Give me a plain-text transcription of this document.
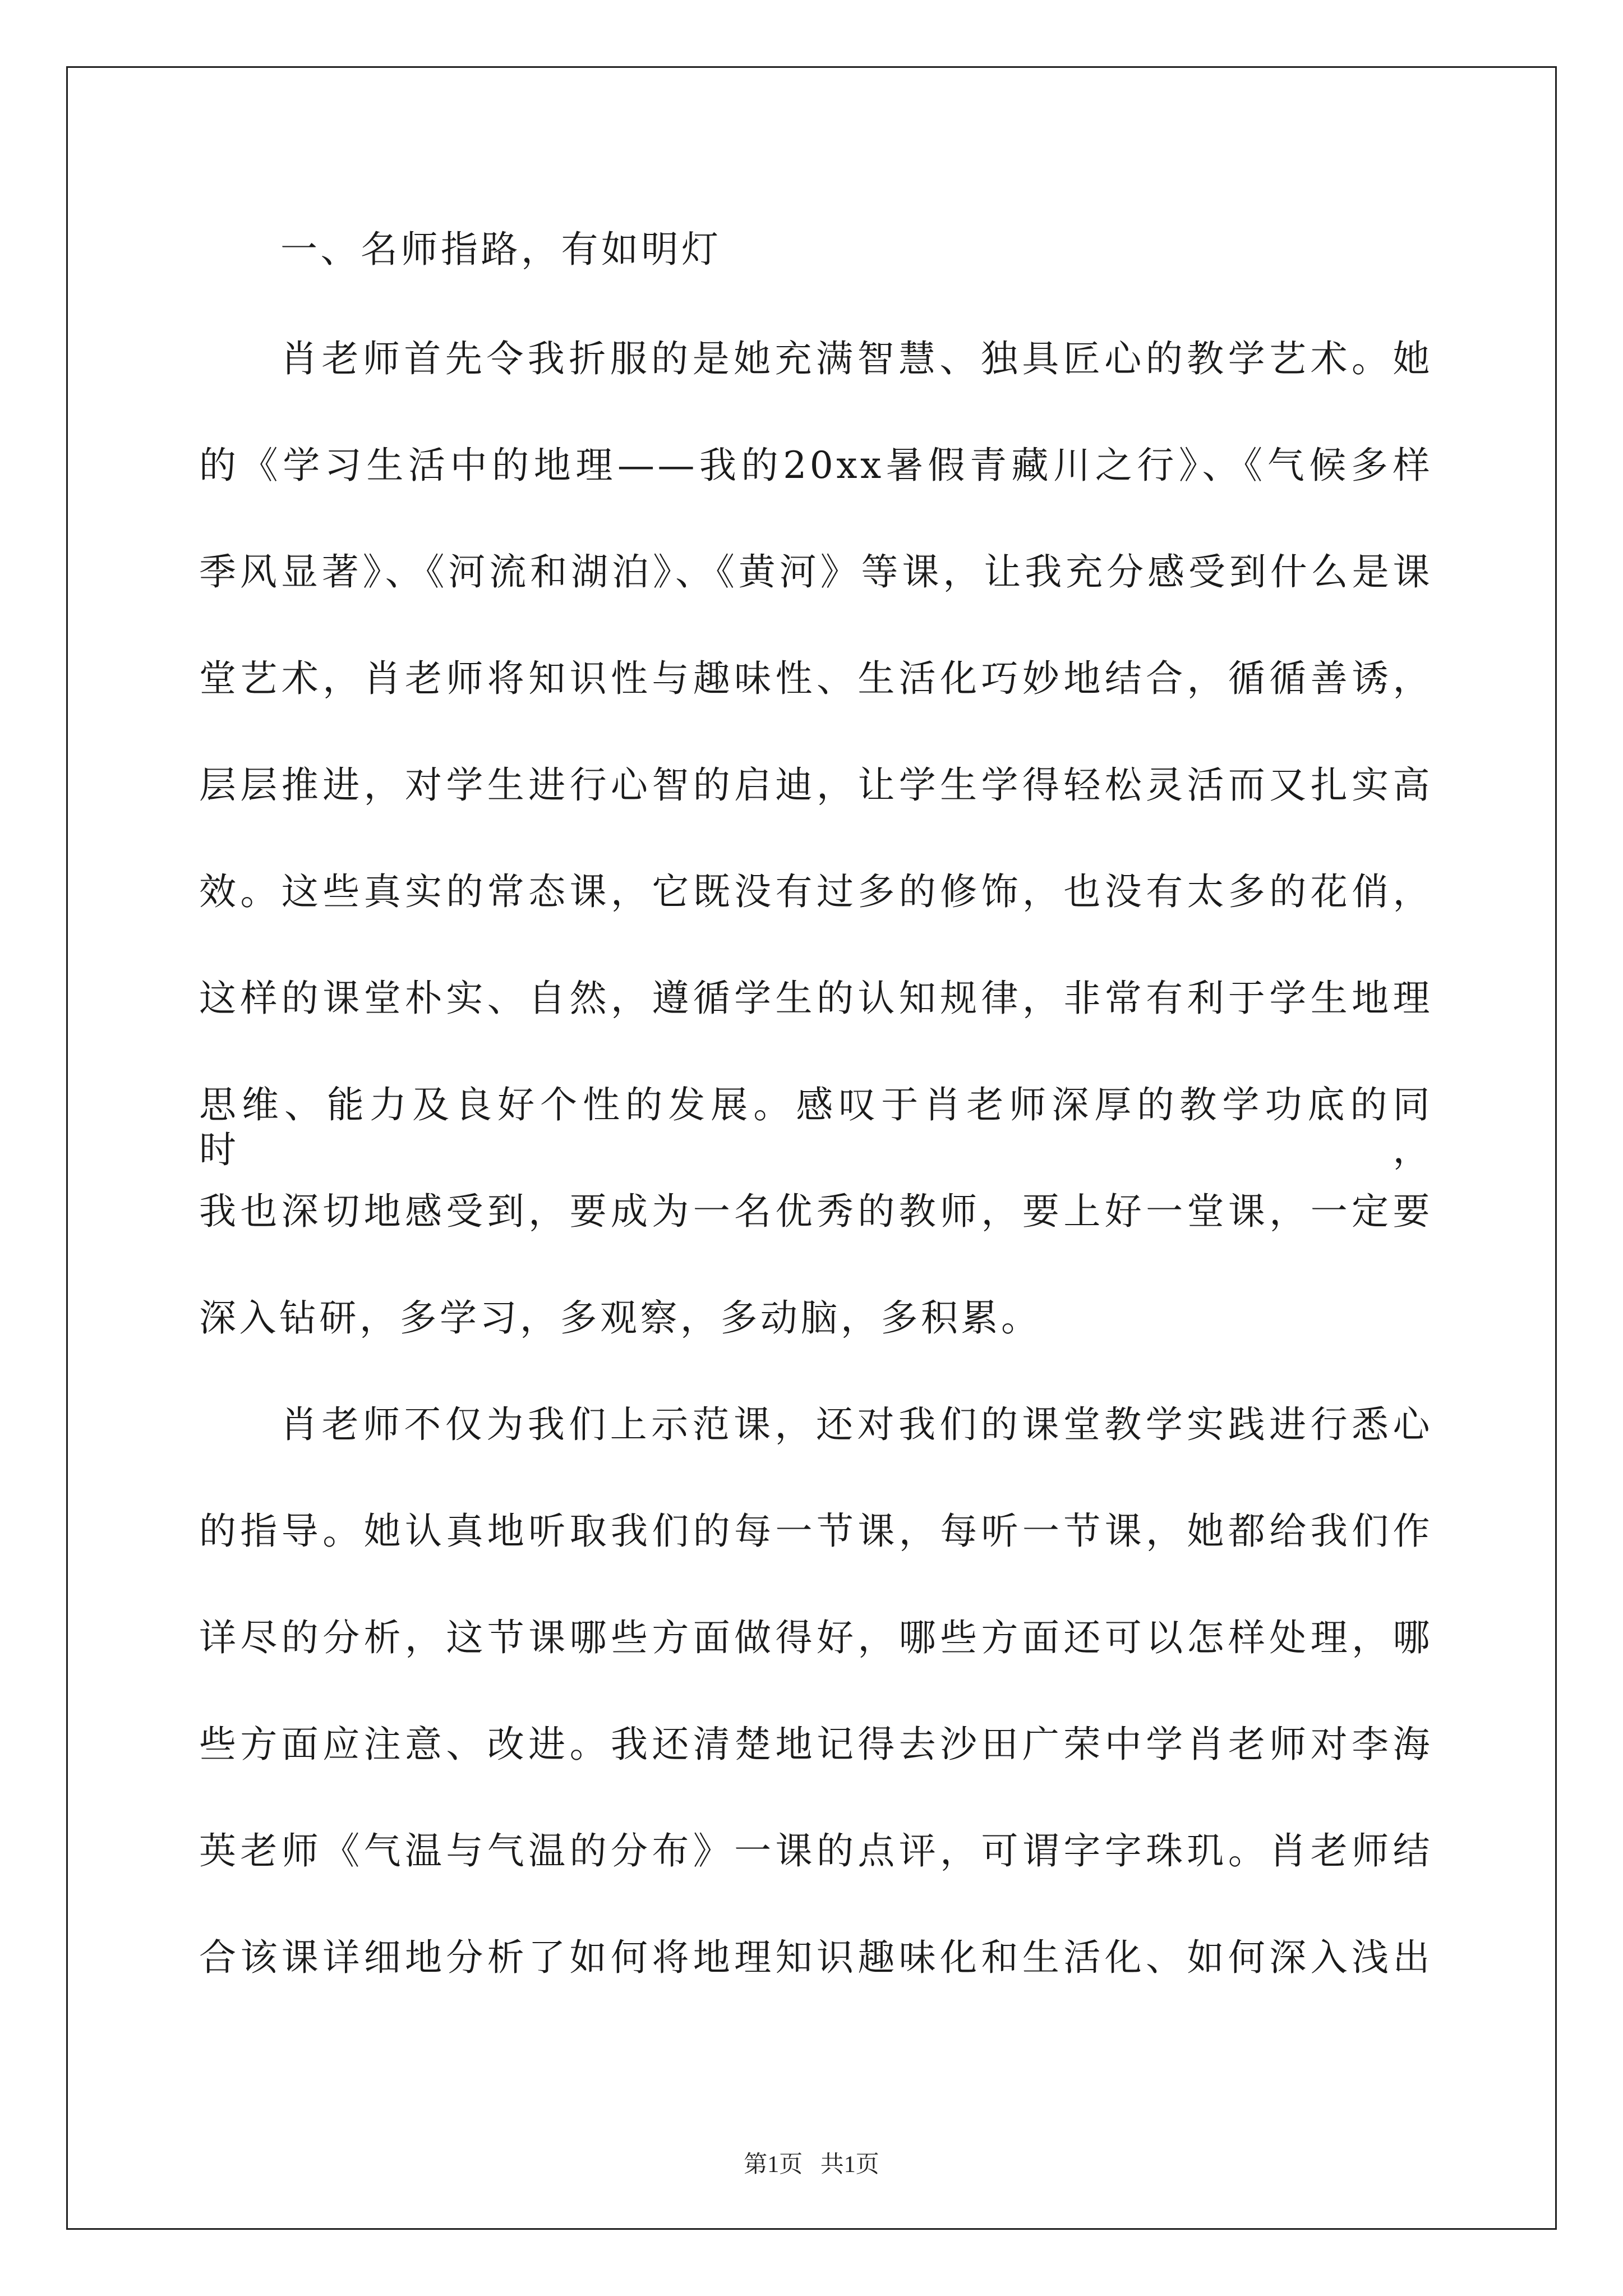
一、名师指路，有如明灯
肖老师首先令我折服的是她充满智慧、独具匠心的教学艺术。她
的《学习生活中的地理——我的20xx暑假青藏川之行》、《气候多样
季风显著》、《河流和湖泊》、《黄河》等课，让我充分感受到什么是课
堂艺术，肖老师将知识性与趣味性、生活化巧妙地结合，循循善诱，
层层推进，对学生进行心智的启迪，让学生学得轻松灵活而又扎实高
效。这些真实的常态课，它既没有过多的修饰，也没有太多的花俏，
这样的课堂朴实、自然，遵循学生的认知规律，非常有利于学生地理
思维、能力及良好个性的发展。感叹于肖老师深厚的教学功底的同时，
我也深切地感受到，要成为一名优秀的教师，要上好一堂课，一定要
深入钻研，多学习，多观察，多动脑，多积累。
肖老师不仅为我们上示范课，还对我们的课堂教学实践进行悉心
的指导。她认真地听取我们的每一节课，每听一节课，她都给我们作
详尽的分析，这节课哪些方面做得好，哪些方面还可以怎样处理，哪
些方面应注意、改进。我还清楚地记得去沙田广荣中学肖老师对李海
英老师《气温与气温的分布》一课的点评，可谓字字珠玑。肖老师结
合该课详细地分析了如何将地理知识趣味化和生活化、如何深入浅出
第1页 共1页
